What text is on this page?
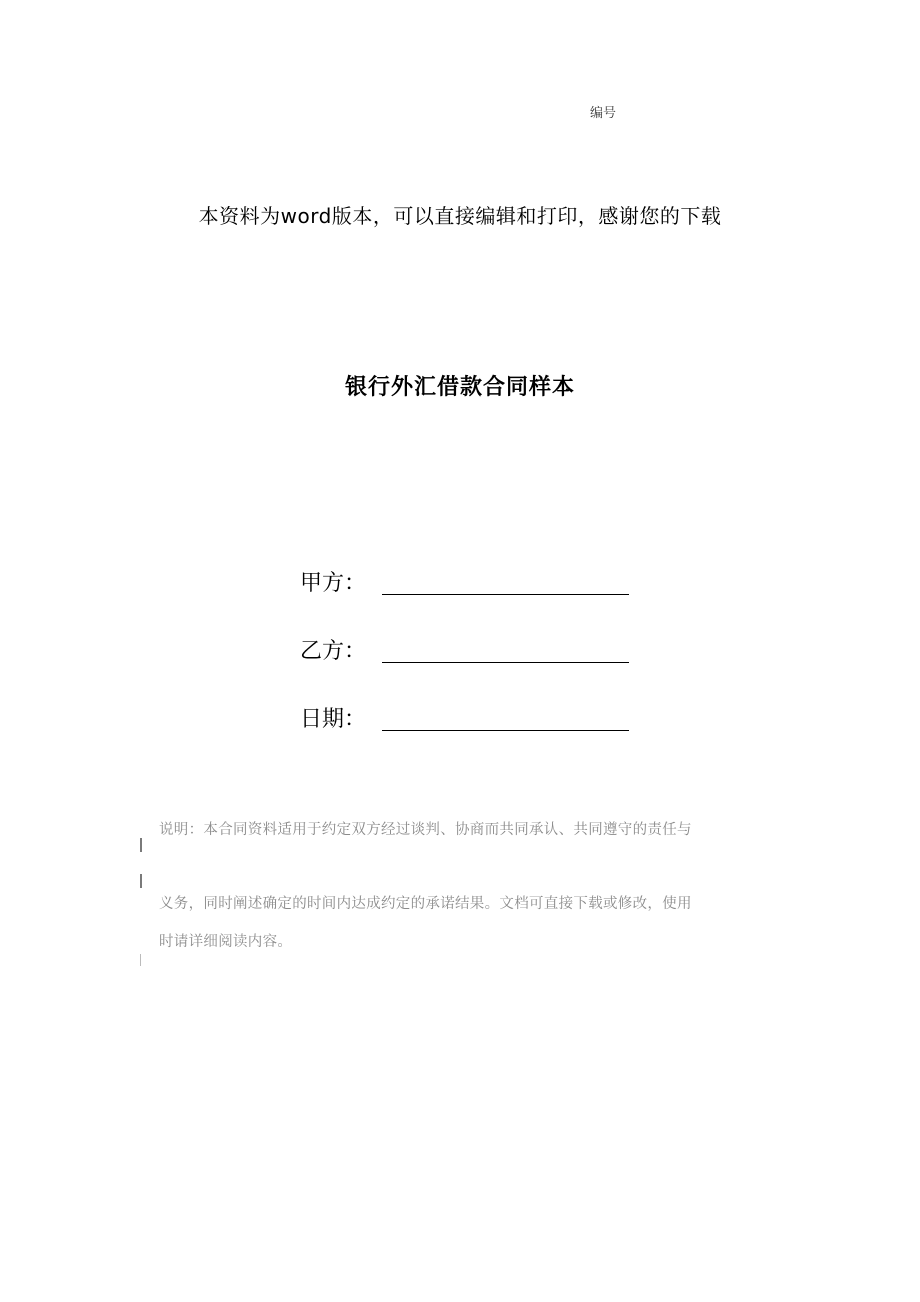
编号
本资料为word版本，可以直接编辑和打印，感谢您的下载
银行外汇借款合同样本
甲方：
乙方：
日期：
说明：本合同资料适用于约定双方经过谈判、协商而共同承认、共同遵守的责任与
义务，同时阐述确定的时间内达成约定的承诺结果。文档可直接下载或修改，使用
时请详细阅读内容。
